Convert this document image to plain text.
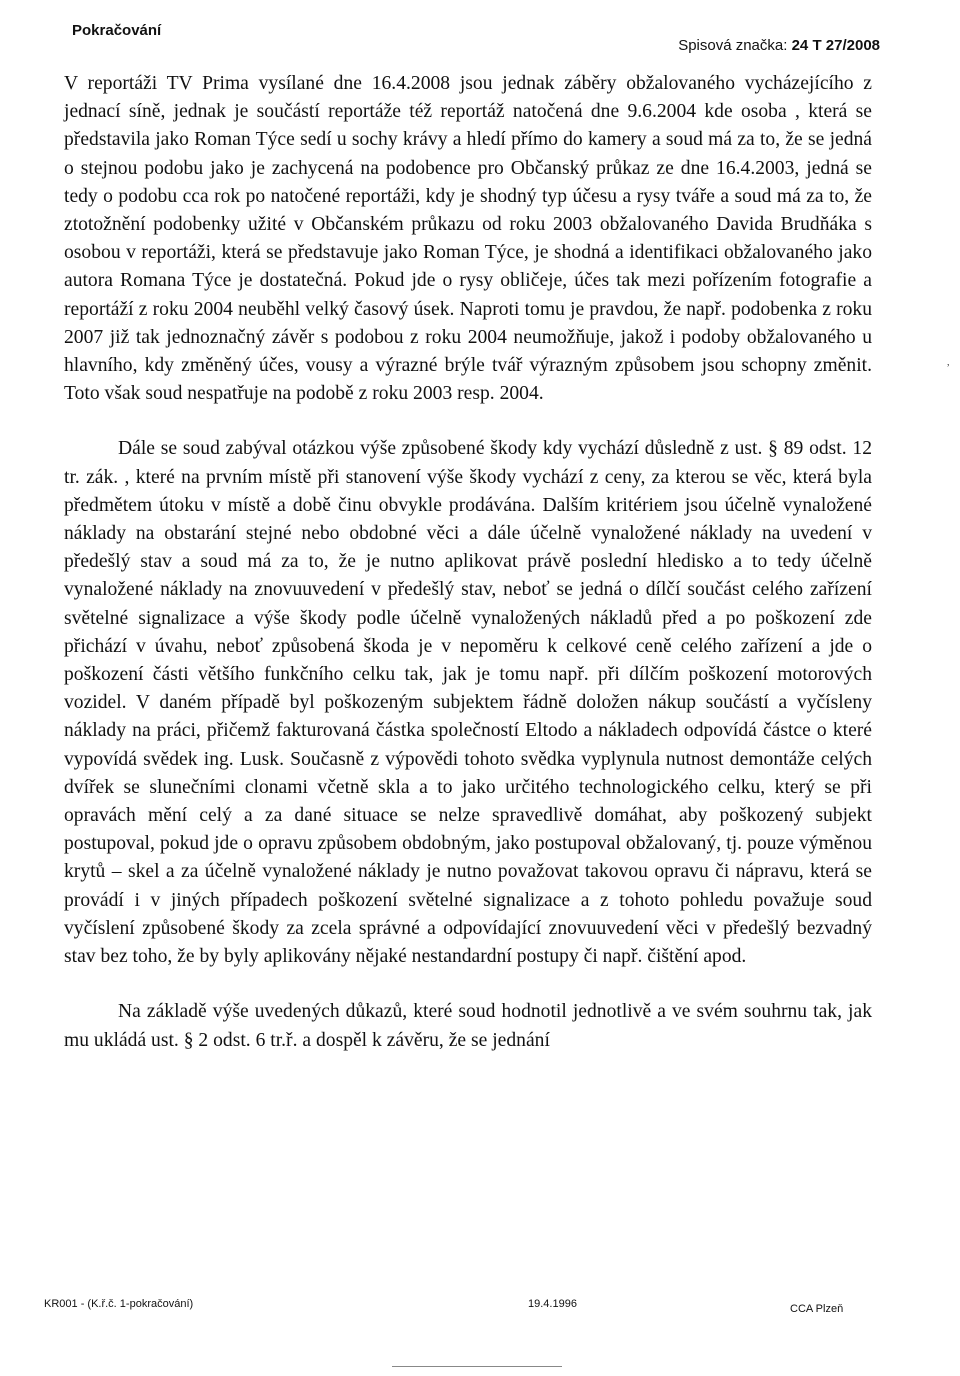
Pokračování
Spisová značka: 24 T 27/2008

V reportáži TV Prima vysílané dne 16.4.2008 jsou jednak záběry obžalovaného vycházejícího z jednací síně, jednak je součástí reportáže též reportáž natočená dne 9.6.2004 kde osoba , která se představila jako Roman Týce sedí u sochy krávy a hledí přímo do kamery a soud má za to, že se jedná o stejnou podobu jako je zachycená na podobence pro Občanský průkaz ze dne 16.4.2003, jedná se tedy o podobu cca rok po natočené reportáži, kdy je shodný typ účesu a rysy tváře a soud má za to, že ztotožnění podobenky užité v Občanském průkazu od roku 2003 obžalovaného Davida Brudňáka s osobou v reportáži, která se představuje jako Roman Týce, je shodná a identifikaci obžalovaného jako autora Romana Týce je dostatečná. Pokud jde o rysy obličeje, účes tak mezi pořízením fotografie a reportáží z roku 2004 neuběhl velký časový úsek. Naproti tomu je pravdou, že např. podobenka z roku 2007 již tak jednoznačný závěr s podobou z roku 2004 neumožňuje, jakož i podoby obžalovaného u hlavního, kdy změněný účes, vousy a výrazné brýle tvář výrazným způsobem jsou schopny změnit. Toto však soud nespatřuje na podobě z roku 2003 resp. 2004.

Dále se soud zabýval otázkou výše způsobené škody kdy vychází důsledně z ust. § 89 odst. 12 tr. zák. , které na prvním místě při stanovení výše škody vychází z ceny, za kterou se věc, která byla předmětem útoku v místě a době činu obvykle prodávána. Dalším kritériem jsou účelně vynaložené náklady na obstarání stejné nebo obdobné věci a dále účelně vynaložené náklady na uvedení v předešlý stav a soud má za to, že je nutno aplikovat právě poslední hledisko a to tedy účelně vynaložené náklady na znovuuvedení v předešlý stav, neboť se jedná o dílčí součást celého zařízení světelné signalizace a výše škody podle účelně vynaložených nákladů před a po poškození zde přichází v úvahu, neboť způsobená škoda je v nepoměru k celkové ceně celého zařízení a jde o poškození části většího funkčního celku tak, jak je tomu např. při dílčím poškození motorových vozidel. V daném případě byl poškozeným subjektem řádně doložen nákup součástí a vyčísleny náklady na práci, přičemž fakturovaná částka společností Eltodo a nákladech odpovídá částce o které vypovídá svědek ing. Lusk. Současně z výpovědi tohoto svědka vyplynula nutnost demontáže celých dvířek se slunečními clonami včetně skla a to jako určitého technologického celku, který se při opravách mění celý a za dané situace se nelze spravedlivě domáhat, aby poškozený subjekt postupoval, pokud jde o opravu způsobem obdobným, jako postupoval obžalovaný, tj. pouze výměnou krytů – skel a za účelně vynaložené náklady je nutno považovat takovou opravu či nápravu, která se provádí i v jiných případech poškození světelné signalizace a z tohoto pohledu považuje soud vyčíslení způsobené škody za zcela správné a odpovídající znovuuvedení věci v předešlý bezvadný stav bez toho, že by byly aplikovány nějaké nestandardní postupy či např. čištění apod.

Na základě výše uvedených důkazů, které soud hodnotil jednotlivě a ve svém souhrnu tak, jak mu ukládá ust. § 2 odst. 6 tr.ř. a dospěl k závěru, že se jednání

,
KR001 - (K.ř.č. 1-pokračování)	19.4.1996	CCA Plzeň
